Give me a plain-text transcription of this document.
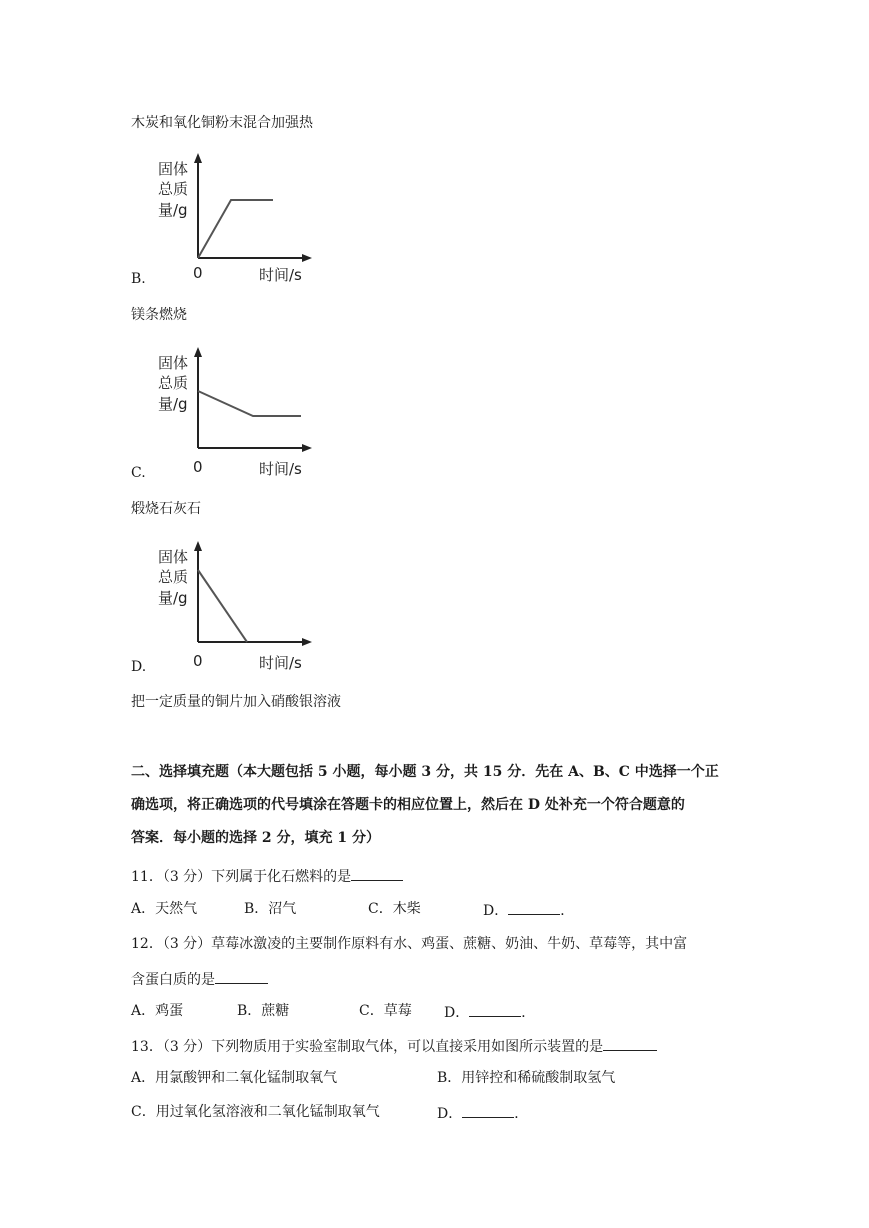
木炭和氧化铜粉末混合加强热
固体
总质
量/g
0	时间/s
B.
镁条燃烧
固体
总质
量/g
0	时间/s
C.
煅烧石灰石
固体
总质
量/g
0	时间/s
D.
把一定质量的铜片加入硝酸银溶液
二、选择填充题（本大题包括 5 小题，每小题 3 分，共 15 分．先在 A、B、C 中选择一个正
确选项，将正确选项的代号填涂在答题卡的相应位置上，然后在 D 处补充一个符合题意的
答案．每小题的选择 2 分，填充 1 分）
11．（3 分）下列属于化石燃料的是
A．天然气	B．沼气	C．木柴	D．	．
12．（3 分）草莓冰激凌的主要制作原料有水、鸡蛋、蔗糖、奶油、牛奶、草莓等，其中富
含蛋白质的是
A．鸡蛋	B．蔗糖	C．草莓 D．	．
13．（3 分）下列物质用于实验室制取气体，可以直接采用如图所示装置的是
A．用氯酸钾和二氧化锰制取氧气	B．用锌控和稀硫酸制取氢气
C．用过氧化氢溶液和二氧化锰制取氧气	D．	．
